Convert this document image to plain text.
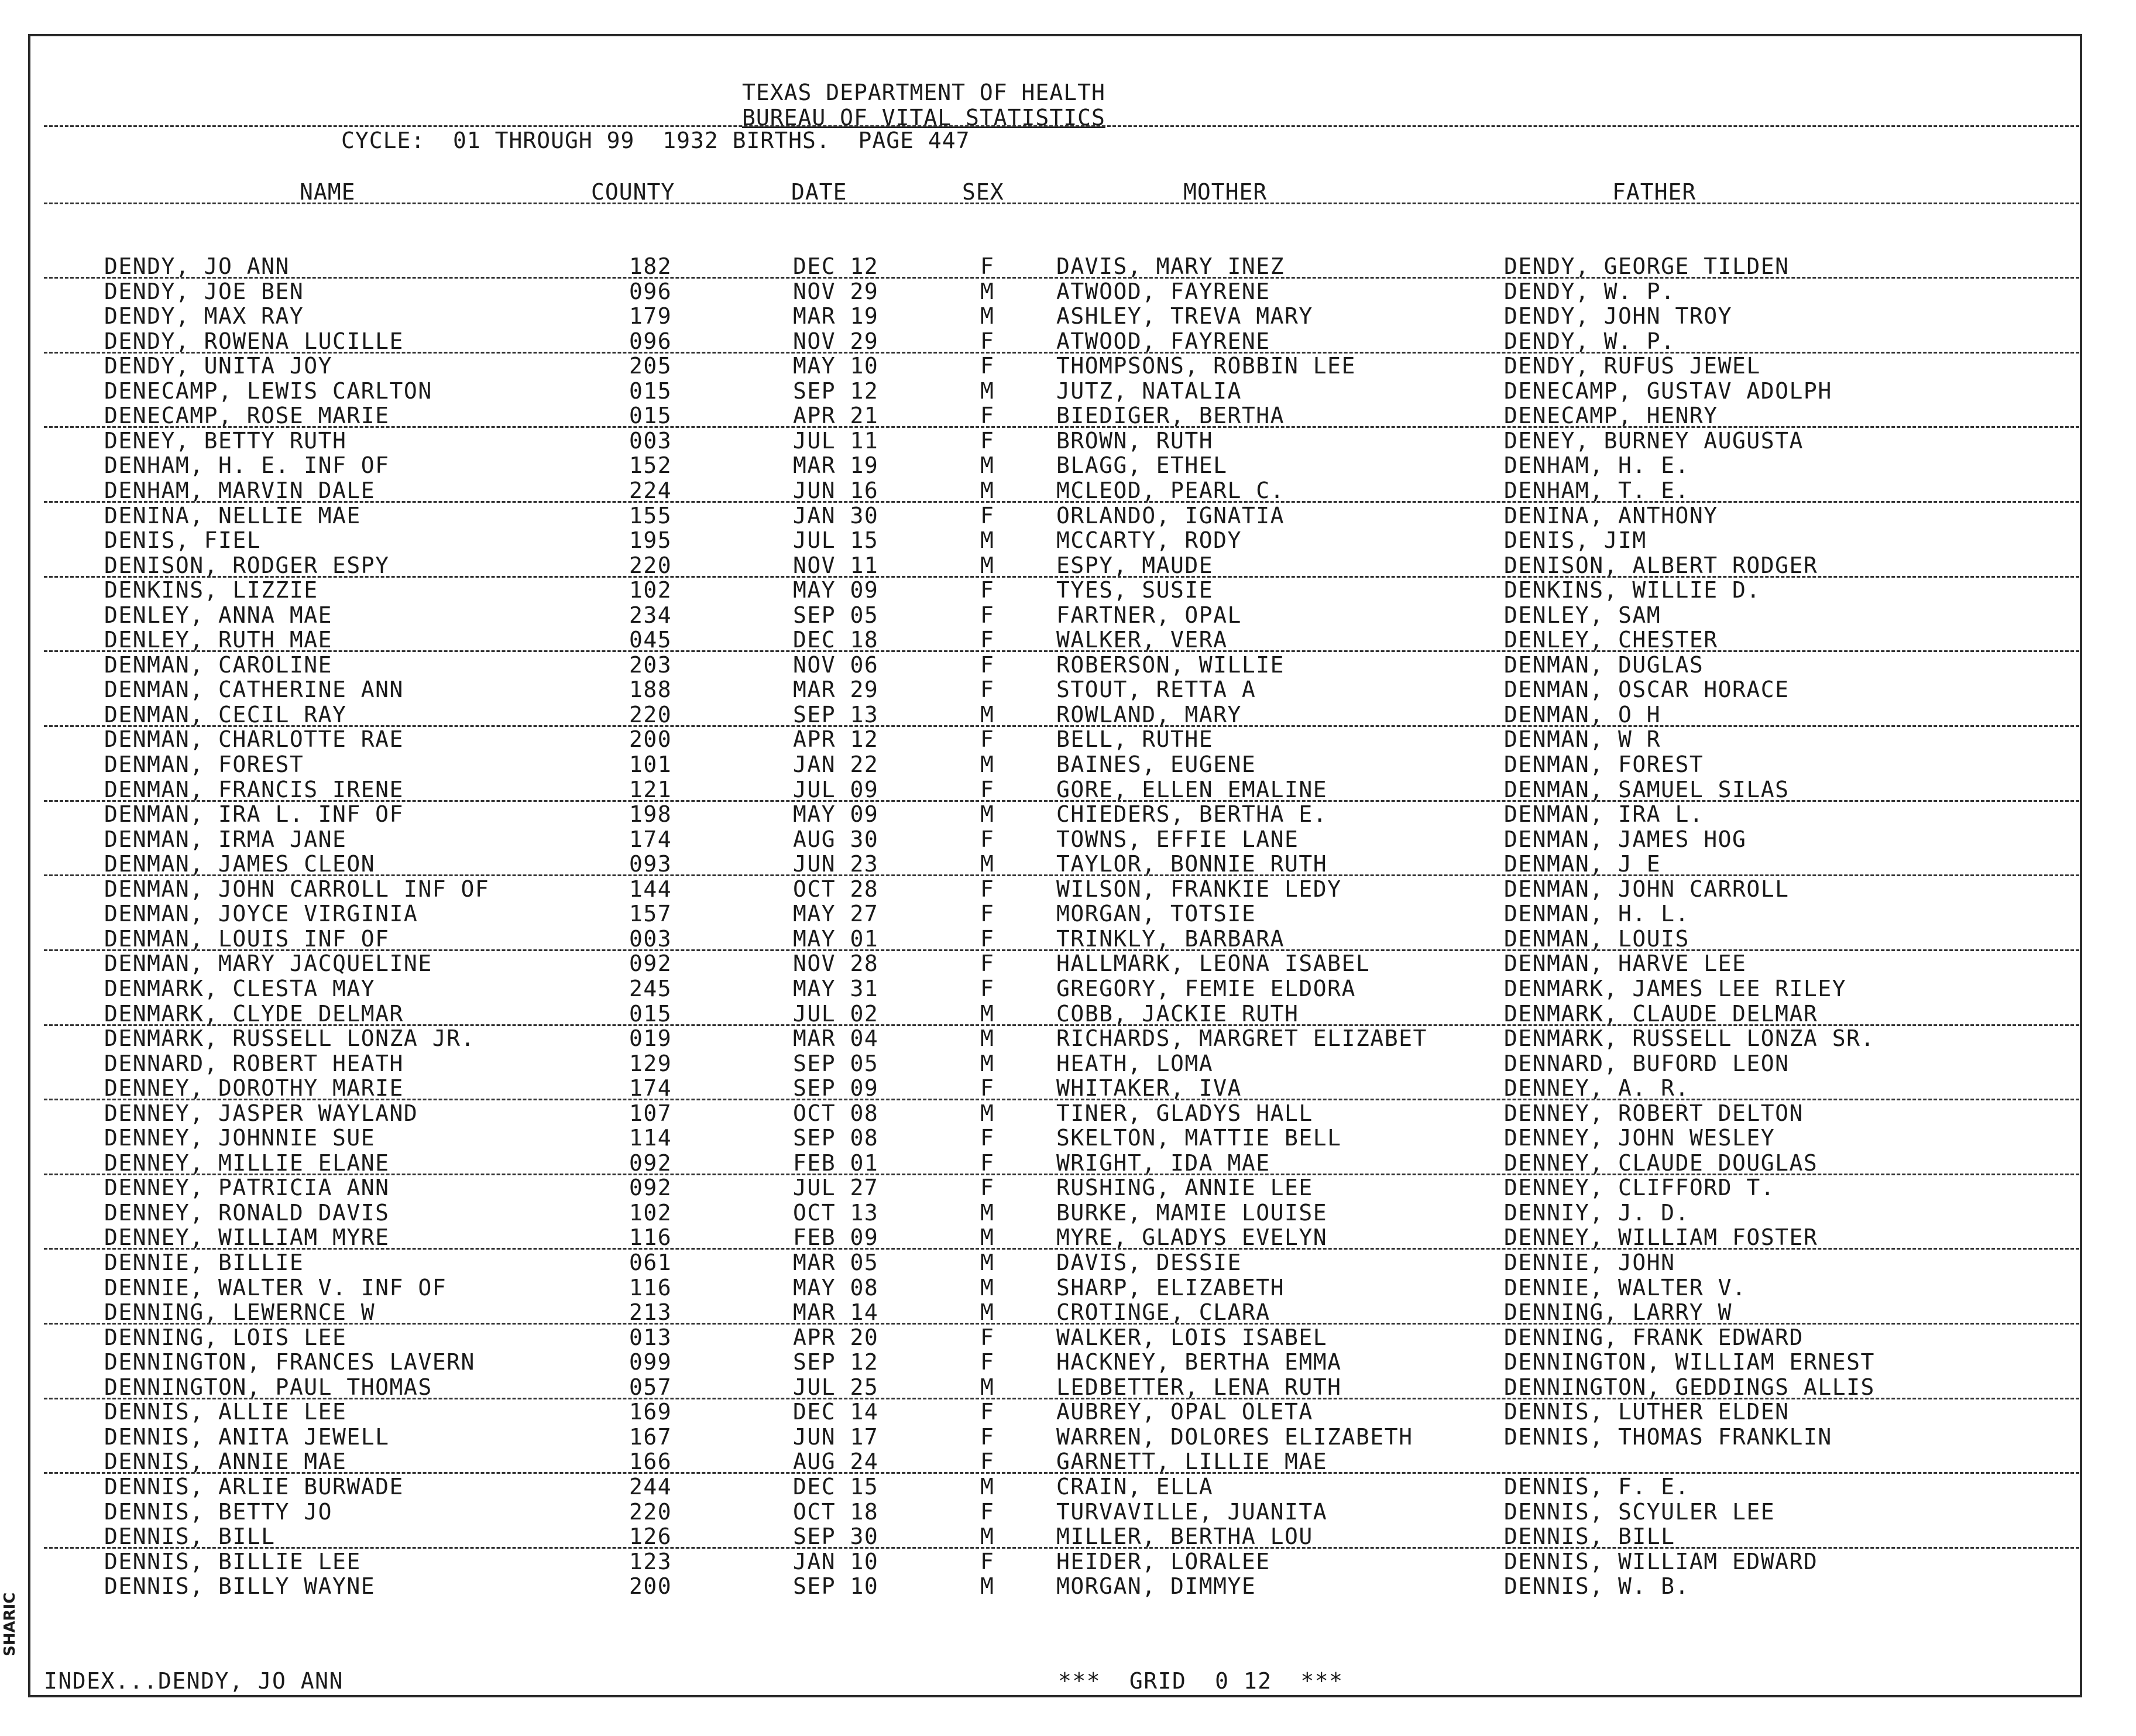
TEXAS DEPARTMENT OF HEALTH
BUREAU OF VITAL STATISTICS
CYCLE:  01 THROUGH 99  1932 BIRTHS.  PAGE 447
NAME	COUNTY	DATE	SEX	MOTHER	FATHER
DENDY, JO ANN	182	DEC 12	F	DAVIS, MARY INEZ	DENDY, GEORGE TILDEN
DENDY, JOE BEN	096	NOV 29	M	ATWOOD, FAYRENE	DENDY, W. P.
DENDY, MAX RAY	179	MAR 19	M	ASHLEY, TREVA MARY	DENDY, JOHN TROY
DENDY, ROWENA LUCILLE	096	NOV 29	F	ATWOOD, FAYRENE	DENDY, W. P.
DENDY, UNITA JOY	205	MAY 10	F	THOMPSONS, ROBBIN LEE	DENDY, RUFUS JEWEL
DENECAMP, LEWIS CARLTON	015	SEP 12	M	JUTZ, NATALIA	DENECAMP, GUSTAV ADOLPH
DENECAMP, ROSE MARIE	015	APR 21	F	BIEDIGER, BERTHA	DENECAMP, HENRY
DENEY, BETTY RUTH	003	JUL 11	F	BROWN, RUTH	DENEY, BURNEY AUGUSTA
DENHAM, H. E. INF OF	152	MAR 19	M	BLAGG, ETHEL	DENHAM, H. E.
DENHAM, MARVIN DALE	224	JUN 16	M	MCLEOD, PEARL C.	DENHAM, T. E.
DENINA, NELLIE MAE	155	JAN 30	F	ORLANDO, IGNATIA	DENINA, ANTHONY
DENIS, FIEL	195	JUL 15	M	MCCARTY, RODY	DENIS, JIM
DENISON, RODGER ESPY	220	NOV 11	M	ESPY, MAUDE	DENISON, ALBERT RODGER
DENKINS, LIZZIE	102	MAY 09	F	TYES, SUSIE	DENKINS, WILLIE D.
DENLEY, ANNA MAE	234	SEP 05	F	FARTNER, OPAL	DENLEY, SAM
DENLEY, RUTH MAE	045	DEC 18	F	WALKER, VERA	DENLEY, CHESTER
DENMAN, CAROLINE	203	NOV 06	F	ROBERSON, WILLIE	DENMAN, DUGLAS
DENMAN, CATHERINE ANN	188	MAR 29	F	STOUT, RETTA A	DENMAN, OSCAR HORACE
DENMAN, CECIL RAY	220	SEP 13	M	ROWLAND, MARY	DENMAN, O H
DENMAN, CHARLOTTE RAE	200	APR 12	F	BELL, RUTHE	DENMAN, W R
DENMAN, FOREST	101	JAN 22	M	BAINES, EUGENE	DENMAN, FOREST
DENMAN, FRANCIS IRENE	121	JUL 09	F	GORE, ELLEN EMALINE	DENMAN, SAMUEL SILAS
DENMAN, IRA L. INF OF	198	MAY 09	M	CHIEDERS, BERTHA E.	DENMAN, IRA L.
DENMAN, IRMA JANE	174	AUG 30	F	TOWNS, EFFIE LANE	DENMAN, JAMES HOG
DENMAN, JAMES CLEON	093	JUN 23	M	TAYLOR, BONNIE RUTH	DENMAN, J E
DENMAN, JOHN CARROLL INF OF	144	OCT 28	F	WILSON, FRANKIE LEDY	DENMAN, JOHN CARROLL
DENMAN, JOYCE VIRGINIA	157	MAY 27	F	MORGAN, TOTSIE	DENMAN, H. L.
DENMAN, LOUIS INF OF	003	MAY 01	F	TRINKLY, BARBARA	DENMAN, LOUIS
DENMAN, MARY JACQUELINE	092	NOV 28	F	HALLMARK, LEONA ISABEL	DENMAN, HARVE LEE
DENMARK, CLESTA MAY	245	MAY 31	F	GREGORY, FEMIE ELDORA	DENMARK, JAMES LEE RILEY
DENMARK, CLYDE DELMAR	015	JUL 02	M	COBB, JACKIE RUTH	DENMARK, CLAUDE DELMAR
DENMARK, RUSSELL LONZA JR.	019	MAR 04	M	RICHARDS, MARGRET ELIZABET	DENMARK, RUSSELL LONZA SR.
DENNARD, ROBERT HEATH	129	SEP 05	M	HEATH, LOMA	DENNARD, BUFORD LEON
DENNEY, DOROTHY MARIE	174	SEP 09	F	WHITAKER, IVA	DENNEY, A. R.
DENNEY, JASPER WAYLAND	107	OCT 08	M	TINER, GLADYS HALL	DENNEY, ROBERT DELTON
DENNEY, JOHNNIE SUE	114	SEP 08	F	SKELTON, MATTIE BELL	DENNEY, JOHN WESLEY
DENNEY, MILLIE ELANE	092	FEB 01	F	WRIGHT, IDA MAE	DENNEY, CLAUDE DOUGLAS
DENNEY, PATRICIA ANN	092	JUL 27	F	RUSHING, ANNIE LEE	DENNEY, CLIFFORD T.
DENNEY, RONALD DAVIS	102	OCT 13	M	BURKE, MAMIE LOUISE	DENNIY, J. D.
DENNEY, WILLIAM MYRE	116	FEB 09	M	MYRE, GLADYS EVELYN	DENNEY, WILLIAM FOSTER
DENNIE, BILLIE	061	MAR 05	M	DAVIS, DESSIE	DENNIE, JOHN
DENNIE, WALTER V. INF OF	116	MAY 08	M	SHARP, ELIZABETH	DENNIE, WALTER V.
DENNING, LEWERNCE W	213	MAR 14	M	CROTINGE, CLARA	DENNING, LARRY W
DENNING, LOIS LEE	013	APR 20	F	WALKER, LOIS ISABEL	DENNING, FRANK EDWARD
DENNINGTON, FRANCES LAVERN	099	SEP 12	F	HACKNEY, BERTHA EMMA	DENNINGTON, WILLIAM ERNEST
DENNINGTON, PAUL THOMAS	057	JUL 25	M	LEDBETTER, LENA RUTH	DENNINGTON, GEDDINGS ALLIS
DENNIS, ALLIE LEE	169	DEC 14	F	AUBREY, OPAL OLETA	DENNIS, LUTHER ELDEN
DENNIS, ANITA JEWELL	167	JUN 17	F	WARREN, DOLORES ELIZABETH	DENNIS, THOMAS FRANKLIN
DENNIS, ANNIE MAE	166	AUG 24	F	GARNETT, LILLIE MAE
DENNIS, ARLIE BURWADE	244	DEC 15	M	CRAIN, ELLA	DENNIS, F. E.
DENNIS, BETTY JO	220	OCT 18	F	TURVAVILLE, JUANITA	DENNIS, SCYULER LEE
DENNIS, BILL	126	SEP 30	M	MILLER, BERTHA LOU	DENNIS, BILL
DENNIS, BILLIE LEE	123	JAN 10	F	HEIDER, LORALEE	DENNIS, WILLIAM EDWARD
DENNIS, BILLY WAYNE	200	SEP 10	M	MORGAN, DIMMYE	DENNIS, W. B.
INDEX...DENDY, JO ANN	***  GRID  0 12  ***
SHARIC
